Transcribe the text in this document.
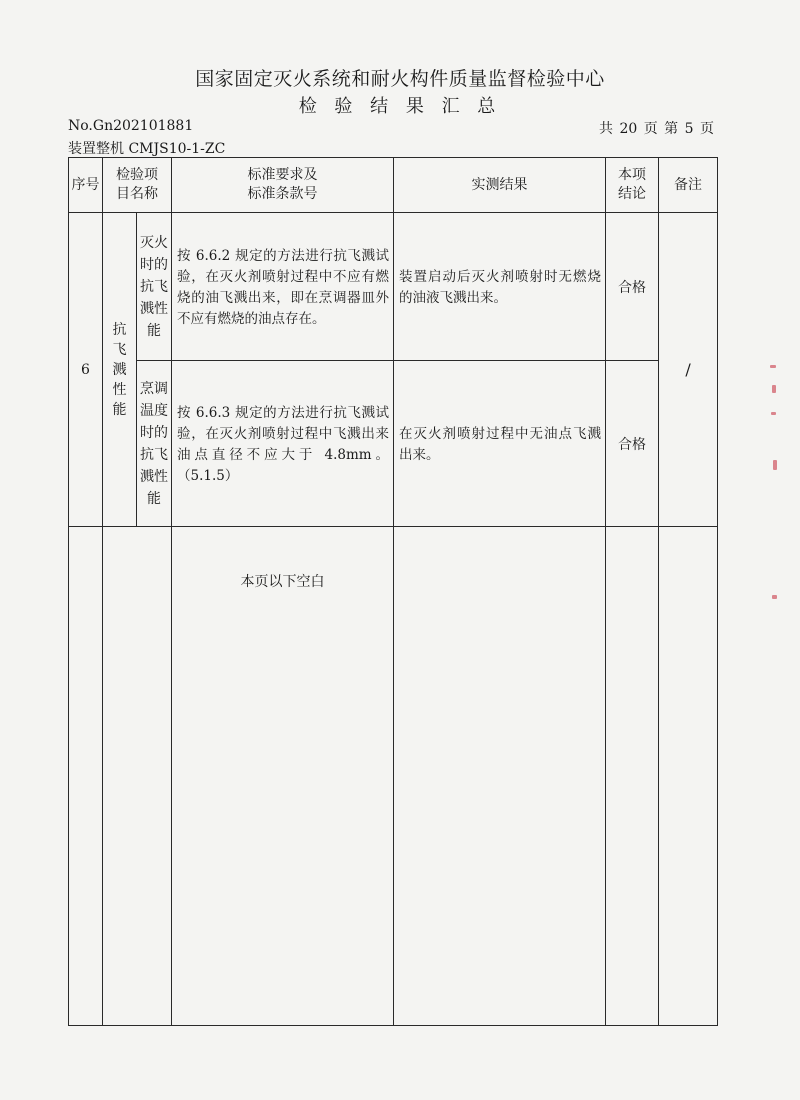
国家固定灭火系统和耐火构件质量监督检验中心
检 验 结 果 汇 总
No.Gn202101881	共 20 页 第 5 页
装置整机 CMJS10-1-ZC
序号	检验项目名称		标准要求及标准条款号	实测结果	本项结论	备注
6	抗飞溅性能	灭火时的抗飞溅性能	按 6.6.2 规定的方法进行抗飞溅试验，在灭火剂喷射过程中不应有燃烧的油飞溅出来，即在烹调器皿外不应有燃烧的油点存在。	装置启动后灭火剂喷射时无燃烧的油液飞溅出来。	合格	/

		烹调温度时的抗飞溅性能	按 6.6.3 规定的方法进行抗飞溅试验，在灭火剂喷射过程中飞溅出来油点直径不应大于 4.8mm。（5.1.5）	在灭火剂喷射过程中无油点飞溅出来。	合格	
			本页以下空白			
